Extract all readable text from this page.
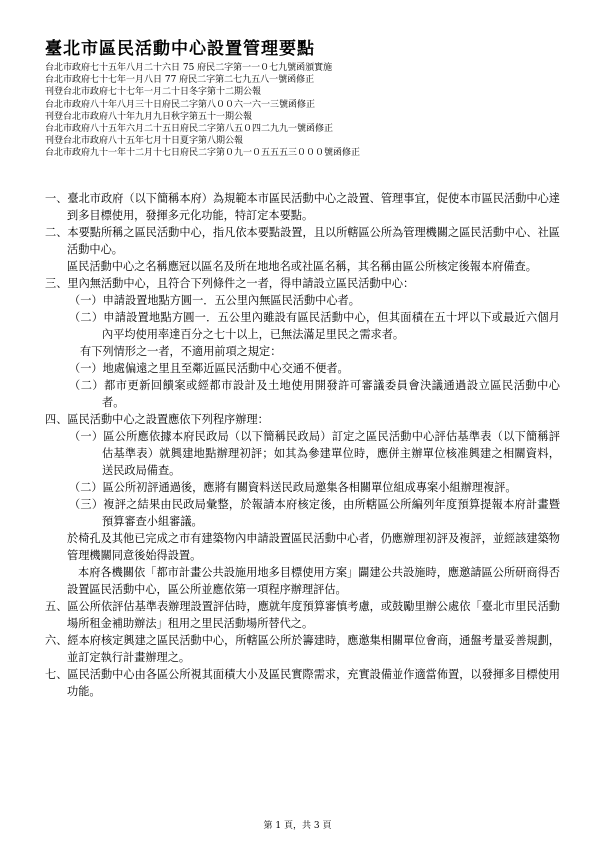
臺北市區民活動中心設置管理要點
台北市政府七十五年八月二十六日 75 府民二字第一一０七九號函頒實施
台北市政府七十七年一月八日 77 府民二字第二七九五八一號函修正
刊登台北市政府七十七年一月二十日冬字第十二期公報
台北市政府八十年八月三十日府民二字第八００六一六一三號函修正
刊登台北市政府八十年九月九日秋字第五十一期公報
台北市政府八十五年六月二十五日府民二字第八五０四二九九一號函修正
刊登台北市政府八十五年七月十日夏字第八期公報
台北市政府九十一年十二月十七日府民二字第０九一０五五五三０００號函修正

一、臺北市政府（以下簡稱本府）為規範本市區民活動中心之設置、管理事宜，促使本市區民活動中心達到多目標使用，發揮多元化功能，特訂定本要點。

二、本要點所稱之區民活動中心，指凡依本要點設置，且以所轄區公所為管理機關之區民活動中心、社區活動中心。

區民活動中心之名稱應冠以區名及所在地地名或社區名稱，其名稱由區公所核定後報本府備查。

三、里內無活動中心，且符合下列條件之一者，得申請設立區民活動中心：

（一）申請設置地點方圓一．五公里內無區民活動中心者。

（二）申請設置地點方圓一．五公里內雖設有區民活動中心，但其面積在五十坪以下或最近六個月內平均使用率達百分之七十以上，已無法滿足里民之需求者。

有下列情形之一者，不適用前項之規定：

（一）地處偏遠之里且至鄰近區民活動中心交通不便者。

（二）都市更新回饋案或經都市設計及土地使用開發許可審議委員會決議通過設立區民活動中心者。

四、區民活動中心之設置應依下列程序辦理：

（一）區公所應依據本府民政局（以下簡稱民政局）訂定之區民活動中心評估基準表（以下簡稱評估基準表）就興建地點辦理初評；如其為參建單位時，應併主辦單位核准興建之相關資料，送民政局備查。

（二）區公所初評通過後，應將有關資料送民政局邀集各相關單位組成專案小組辦理複評。

（三）複評之結果由民政局彙整，於報請本府核定後，由所轄區公所編列年度預算提報本府計畫暨預算審查小組審議。

於椅孔及其他已完成之市有建築物內申請設置區民活動中心者，仍應辦理初評及複評，並經該建築物管理機關同意後始得設置。

本府各機關依「都市計畫公共設施用地多目標使用方案」闢建公共設施時，應邀請區公所研商得否設置區民活動中心，區公所並應依第一項程序辦理評估。

五、區公所依評估基準表辦理設置評估時，應就年度預算審慎考慮，或鼓勵里辦公處依「臺北市里民活動場所租金補助辦法」租用之里民活動場所替代之。

六、經本府核定興建之區民活動中心，所轄區公所於籌建時，應邀集相關單位會商，通盤考量妥善規劃，並訂定執行計畫辦理之。

七、區民活動中心由各區公所視其面積大小及區民實際需求，充實設備並作適當佈置，以發揮多目標使用功能。

第 1 頁，共 3 頁
